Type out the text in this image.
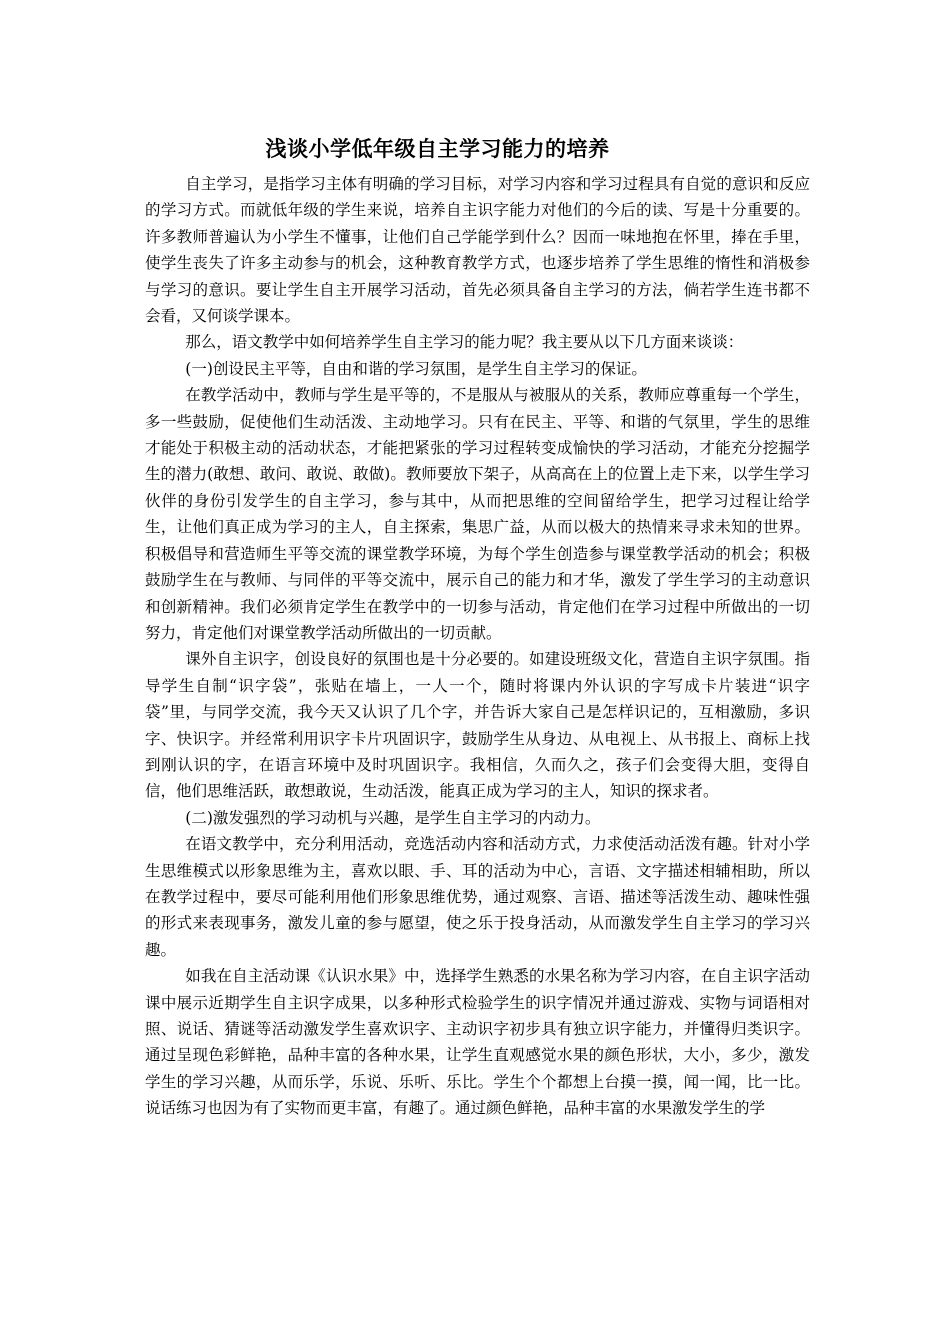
浅谈小学低年级自主学习能力的培养

自主学习，是指学习主体有明确的学习目标，对学习内容和学习过程具有自觉的意识和反应的学习方式。而就低年级的学生来说，培养自主识字能力对他们的今后的读、写是十分重要的。许多教师普遍认为小学生不懂事，让他们自己学能学到什么？因而一味地抱在怀里，捧在手里，使学生丧失了许多主动参与的机会，这种教育教学方式，也逐步培养了学生思维的惰性和消极参与学习的意识。要让学生自主开展学习活动，首先必须具备自主学习的方法，倘若学生连书都不会看，又何谈学课本。

那么，语文教学中如何培养学生自主学习的能力呢？我主要从以下几方面来谈谈：

(一)创设民主平等，自由和谐的学习氛围，是学生自主学习的保证。

在教学活动中，教师与学生是平等的，不是服从与被服从的关系，教师应尊重每一个学生，多一些鼓励，促使他们生动活泼、主动地学习。只有在民主、平等、和谐的气氛里，学生的思维才能处于积极主动的活动状态，才能把紧张的学习过程转变成愉快的学习活动，才能充分挖掘学生的潜力(敢想、敢问、敢说、敢做)。教师要放下架子，从高高在上的位置上走下来，以学生学习伙伴的身份引发学生的自主学习，参与其中，从而把思维的空间留给学生，把学习过程让给学生，让他们真正成为学习的主人，自主探索，集思广益，从而以极大的热情来寻求未知的世界。积极倡导和营造师生平等交流的课堂教学环境，为每个学生创造参与课堂教学活动的机会；积极鼓励学生在与教师、与同伴的平等交流中，展示自己的能力和才华，激发了学生学习的主动意识和创新精神。我们必须肯定学生在教学中的一切参与活动，肯定他们在学习过程中所做出的一切努力，肯定他们对课堂教学活动所做出的一切贡献。

课外自主识字，创设良好的氛围也是十分必要的。如建设班级文化，营造自主识字氛围。指导学生自制“识字袋”，张贴在墙上，一人一个，随时将课内外认识的字写成卡片装进“识字袋”里，与同学交流，我今天又认识了几个字，并告诉大家自己是怎样识记的，互相激励，多识字、快识字。并经常利用识字卡片巩固识字，鼓励学生从身边、从电视上、从书报上、商标上找到刚认识的字，在语言环境中及时巩固识字。我相信，久而久之，孩子们会变得大胆，变得自信，他们思维活跃，敢想敢说，生动活泼，能真正成为学习的主人，知识的探求者。

(二)激发强烈的学习动机与兴趣，是学生自主学习的内动力。

在语文教学中，充分利用活动，竞选活动内容和活动方式，力求使活动活泼有趣。针对小学生思维模式以形象思维为主，喜欢以眼、手、耳的活动为中心，言语、文字描述相辅相助，所以在教学过程中，要尽可能利用他们形象思维优势，通过观察、言语、描述等活泼生动、趣味性强的形式来表现事务，激发儿童的参与愿望，使之乐于投身活动，从而激发学生自主学习的学习兴趣。

如我在自主活动课《认识水果》中，选择学生熟悉的水果名称为学习内容，在自主识字活动课中展示近期学生自主识字成果，以多种形式检验学生的识字情况并通过游戏、实物与词语相对照、说话、猜谜等活动激发学生喜欢识字、主动识字初步具有独立识字能力，并懂得归类识字。通过呈现色彩鲜艳，品种丰富的各种水果，让学生直观感觉水果的颜色形状，大小，多少，激发学生的学习兴趣，从而乐学，乐说、乐听、乐比。学生个个都想上台摸一摸，闻一闻，比一比。说话练习也因为有了实物而更丰富，有趣了。通过颜色鲜艳，品种丰富的水果激发学生的学
